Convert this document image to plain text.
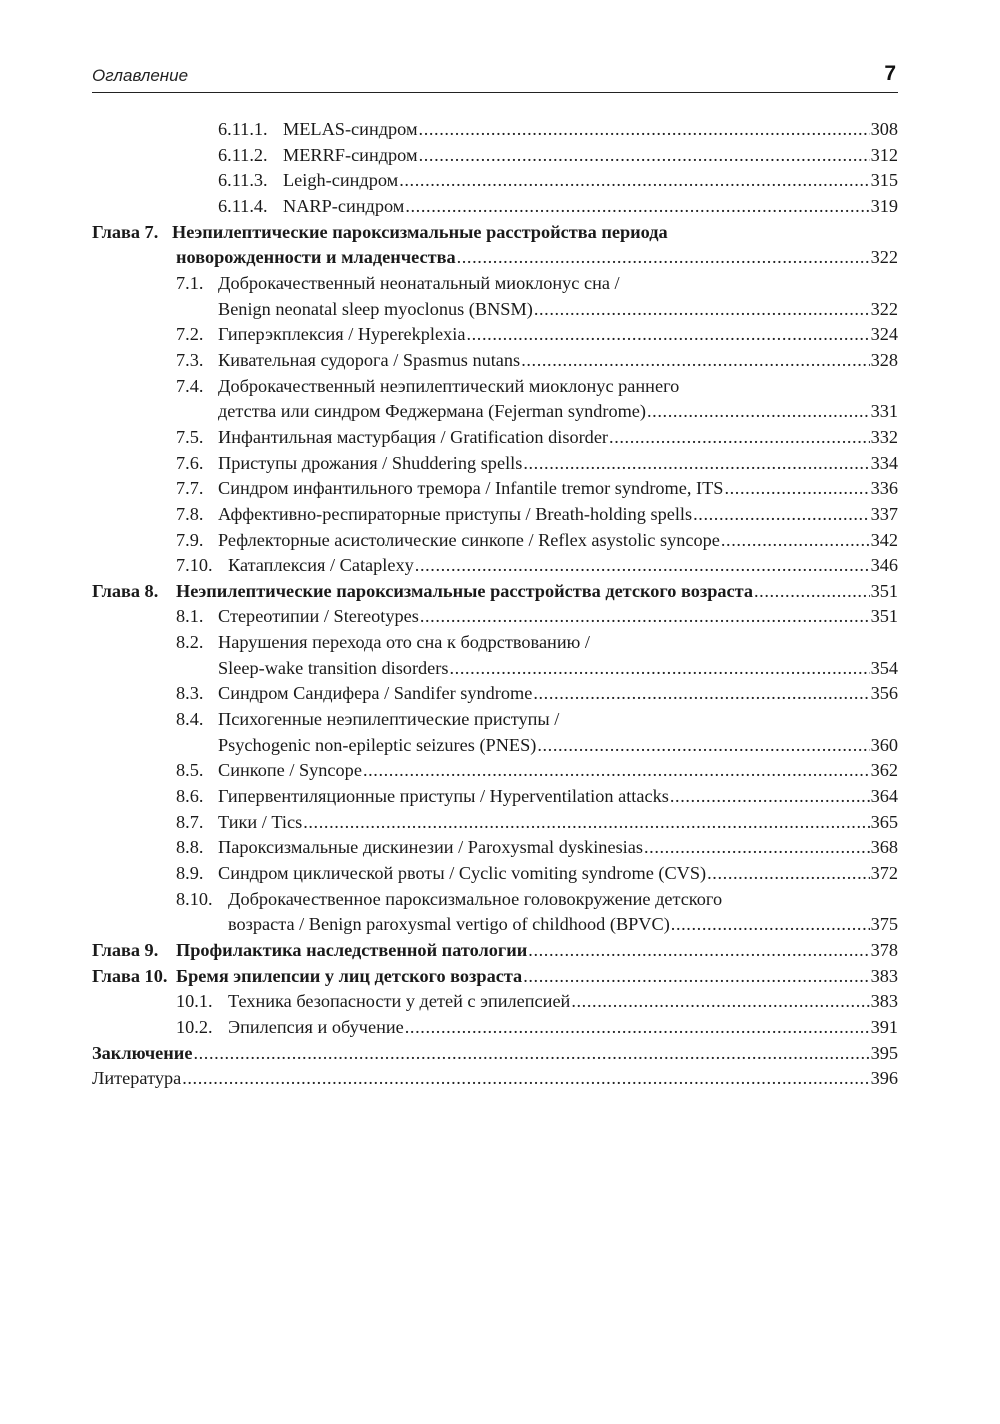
Оглавление	7
6.11.1. MELAS-синдром .....	308
6.11.2. MERRF-синдром .....	312
6.11.3. Leigh-синдром .....	315
6.11.4. NARP-синдром .....	319
Глава 7. Неэпилептические пароксизмальные расстройства периода
новорожденности и младенчества .....	322
7.1. Доброкачественный неонатальный миоклонус сна /
Benign neonatal sleep myoclonus (BNSM) .....	322
7.2. Гиперэкплексия / Hyperekplexia .....	324
7.3. Кивательная судорога / Spasmus nutans .....	328
7.4. Доброкачественный неэпилептический миоклонус раннего
детства или синдром Феджермана (Fejerman syndrome) .....	331
7.5. Инфантильная мастурбация / Gratification disorder .....	332
7.6. Приступы дрожания / Shuddering spells .....	334
7.7. Синдром инфантильного тремора / Infantile tremor syndrome, ITS .....	336
7.8. Аффективно-респираторные приступы / Breath-holding spells .....	337
7.9. Рефлекторные асистолические синкопе / Reflex asystolic syncope .....	342
7.10. Катаплексия / Cataplexy .....	346
Глава 8. Неэпилептические пароксизмальные расстройства детского возраста .....	351
8.1. Стереотипии / Stereotypes .....	351
8.2. Нарушения перехода ото сна к бодрствованию /
Sleep-wake transition disorders .....	354
8.3. Синдром Сандифера / Sandifer syndrome .....	356
8.4. Психогенные неэпилептические приступы /
Psychogenic non-epileptic seizures (PNES) .....	360
8.5. Синкопе / Syncope .....	362
8.6. Гипервентиляционные приступы / Hyperventilation attacks .....	364
8.7. Тики / Tics .....	365
8.8. Пароксизмальные дискинезии / Paroxysmal dyskinesias .....	368
8.9. Синдром циклической рвоты / Cyclic vomiting syndrome (CVS) .....	372
8.10. Доброкачественное пароксизмальное головокружение детского
возраста / Benign paroxysmal vertigo of childhood (BPVC) .....	375
Глава 9. Профилактика наследственной патологии .....	378
Глава 10. Бремя эпилепсии у лиц детского возраста .....	383
10.1. Техника безопасности у детей с эпилепсией .....	383
10.2. Эпилепсия и обучение .....	391
Заключение .....	395
Литература .....	396
